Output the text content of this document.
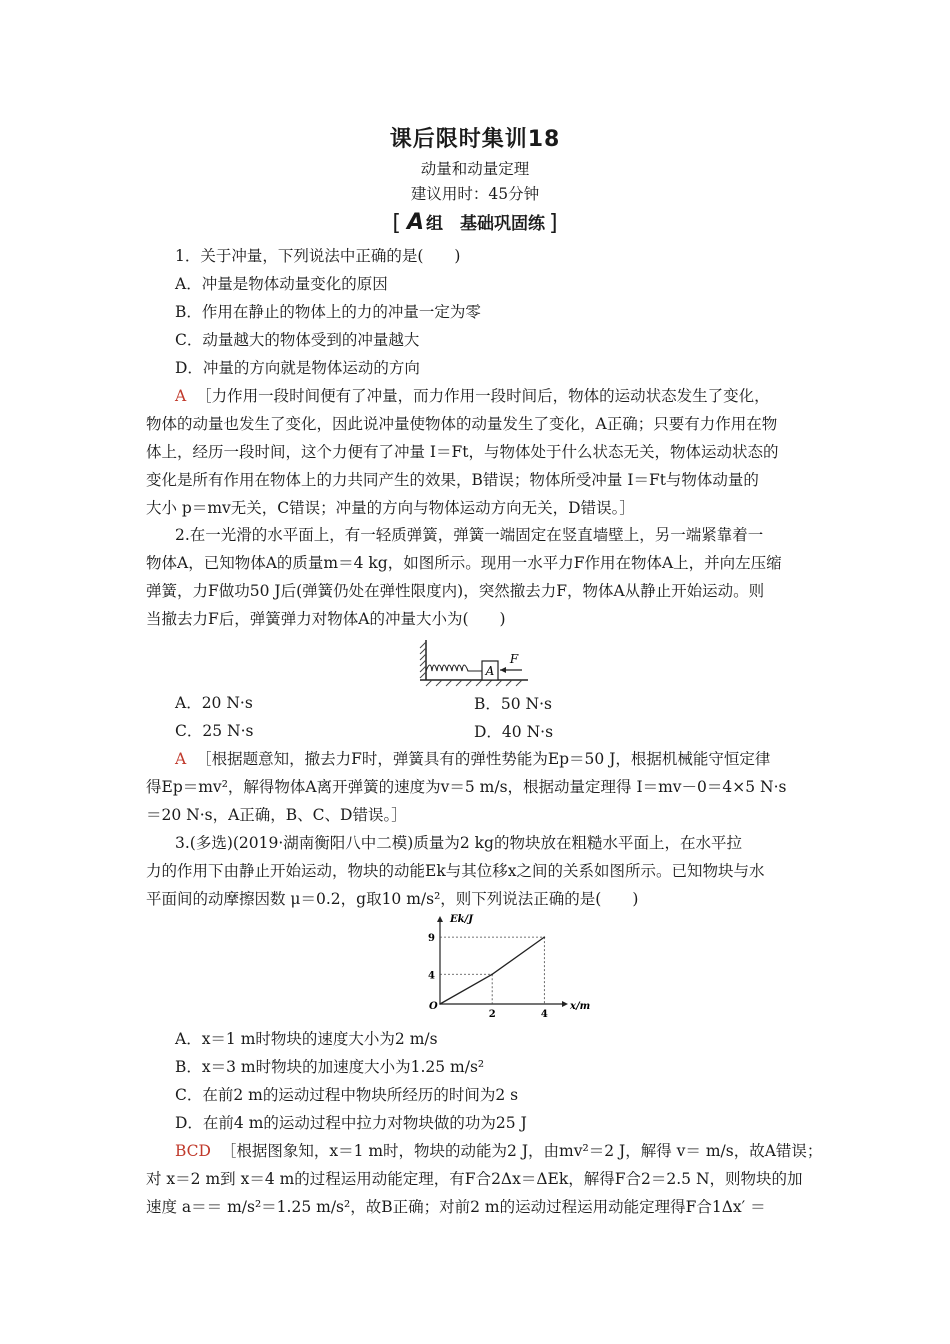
课后限时集训18
动量和动量定理
建议用时：45分钟
[ A 组　基础巩固练 ]
1．关于冲量，下列说法中正确的是(　　)
A．冲量是物体动量变化的原因
B．作用在静止的物体上的力的冲量一定为零
C．动量越大的物体受到的冲量越大
D．冲量的方向就是物体运动的方向
A ［力作用一段时间便有了冲量，而力作用一段时间后，物体的运动状态发生了变化，
物体的动量也发生了变化，因此说冲量使物体的动量发生了变化，A正确；只要有力作用在物
体上，经历一段时间，这个力便有了冲量 I＝Ft，与物体处于什么状态无关，物体运动状态的
变化是所有作用在物体上的力共同产生的效果，B错误；物体所受冲量 I＝Ft与物体动量的
大小 p＝mv无关，C错误；冲量的方向与物体运动方向无关，D错误。］
2.在一光滑的水平面上，有一轻质弹簧，弹簧一端固定在竖直墙壁上，另一端紧靠着一
物体A，已知物体A的质量m＝4 kg，如图所示。现用一水平力F作用在物体A上，并向左压缩
弹簧，力F做功50 J后(弹簧仍处在弹性限度内)，突然撤去力F，物体A从静止开始运动。则
当撤去力F后，弹簧弹力对物体A的冲量大小为(　　)
A
F
A．20 N·s	B．50 N·s
C．25 N·s	D．40 N·s
A ［根据题意知，撤去力F时，弹簧具有的弹性势能为Ep＝50 J，根据机械能守恒定律
得Ep＝mv²，解得物体A离开弹簧的速度为v＝5 m/s，根据动量定理得 I＝mv－0＝4×5 N·s
＝20 N·s，A正确，B、C、D错误。］
3.(多选)(2019·湖南衡阳八中二模)质量为2 kg的物块放在粗糙水平面上，在水平拉
力的作用下由静止开始运动，物块的动能Ek与其位移x之间的关系如图所示。已知物块与水
平面间的动摩擦因数 μ＝0.2，g取10 m/s²，则下列说法正确的是(　　)
x/m
Ek/J
O
2	4
4
9
A．x＝1 m时物块的速度大小为2 m/s
B．x＝3 m时物块的加速度大小为1.25 m/s²
C．在前2 m的运动过程中物块所经历的时间为2 s
D．在前4 m的运动过程中拉力对物块做的功为25 J
BCD ［根据图象知，x＝1 m时，物块的动能为2 J，由mv²＝2 J，解得 v＝ m/s，故A错误；
对 x＝2 m到 x＝4 m的过程运用动能定理，有F合2Δx＝ΔEk，解得F合2＝2.5 N，则物块的加
速度 a＝＝ m/s²＝1.25 m/s²，故B正确；对前2 m的运动过程运用动能定理得F合1Δx′ ＝
